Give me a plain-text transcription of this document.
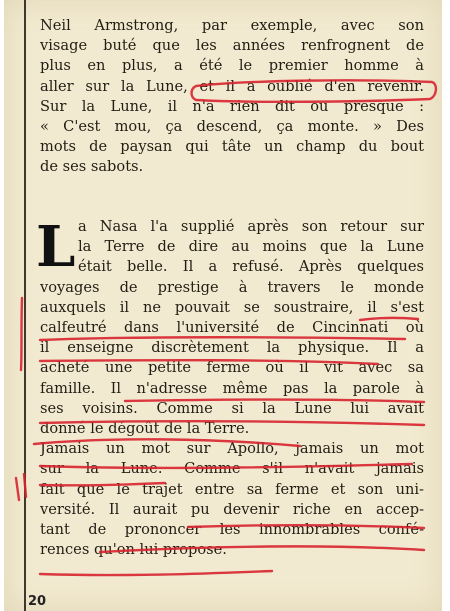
Neil Armstrong, par exemple, avec son
visage buté que les années renfrognent de
plus en plus, a été le premier homme à
aller sur la Lune, et il a oublié d'en revenir.
Sur la Lune, il n'a rien dit ou presque :
« C'est mou, ça descend, ça monte. » Des
mots de paysan qui tâte un champ du bout
de ses sabots.
L a Nasa l'a supplié après son retour sur
la Terre de dire au moins que la Lune
était belle. Il a refusé. Après quelques
voyages de prestige à travers le monde
auxquels il ne pouvait se soustraire, il s'est
calfeutré dans l'université de Cincinnati où
il enseigne discrètement la physique. Il a
acheté une petite ferme où il vit avec sa
famille. Il n'adresse même pas la parole à
ses voisins. Comme si la Lune lui avait
donné le dégoût de la Terre.
Jamais un mot sur Apollo, jamais un mot
sur la Lune. Comme s'il n'avait jamais
fait que le trajet entre sa ferme et son uni-
versité. Il aurait pu devenir riche en accep-
tant de prononcer les innombrables confé-
rences qu'on lui propose.
20
